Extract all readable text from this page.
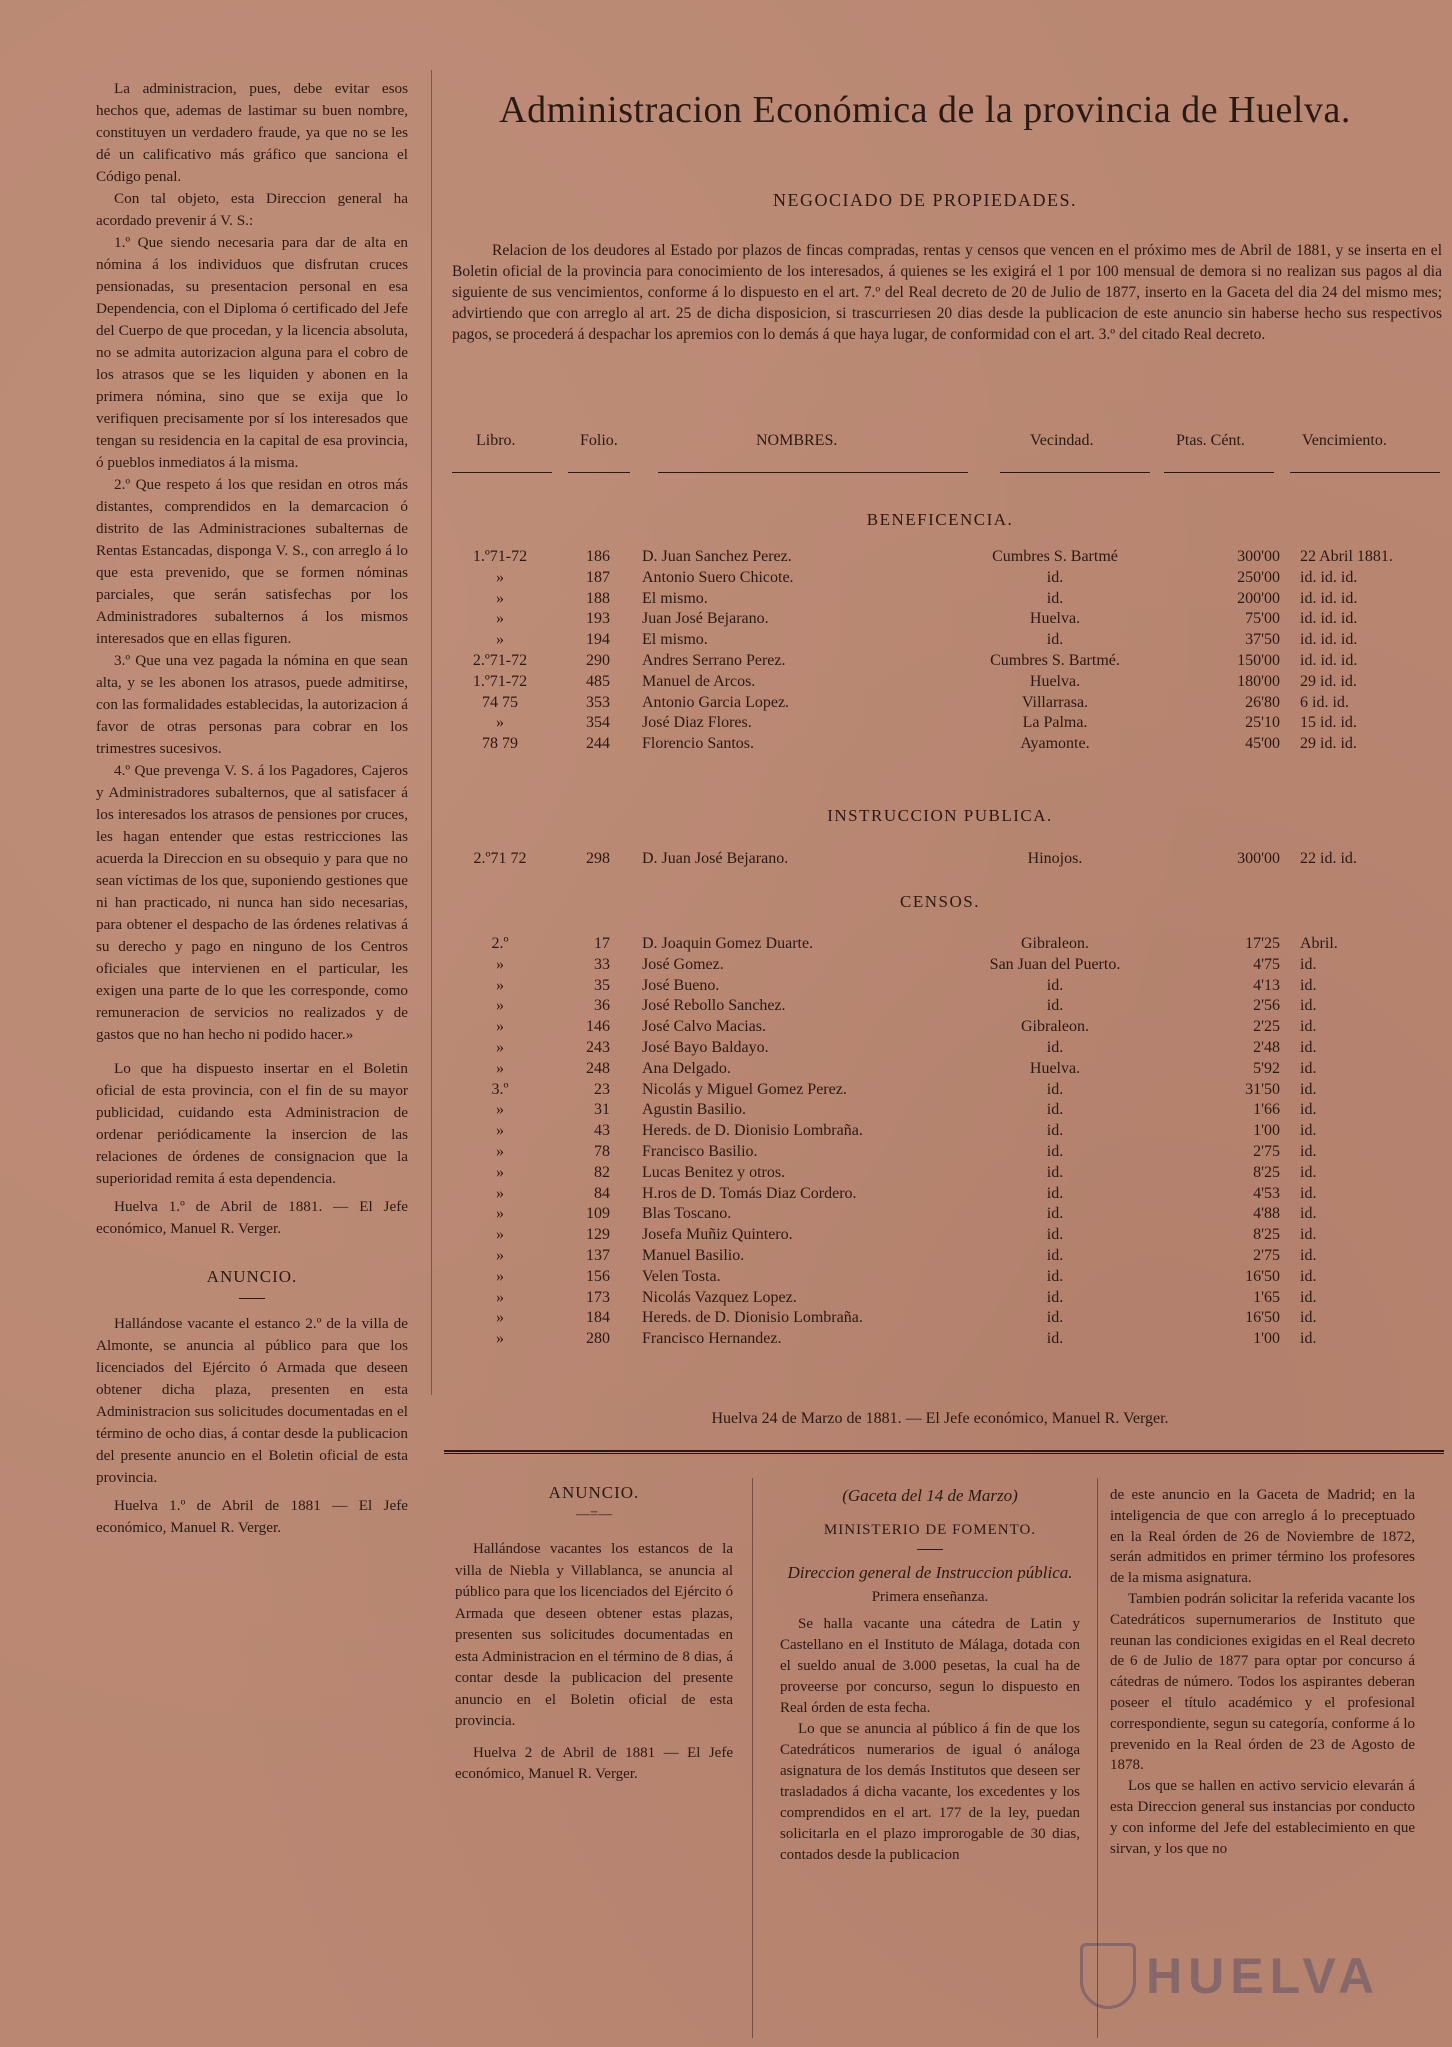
La administracion, pues, debe evitar esos hechos que, ademas de lastimar su buen nombre, constituyen un verdadero fraude, ya que no se les dé un calificativo más gráfico que sanciona el Código penal.

Con tal objeto, esta Direccion general ha acordado prevenir á V. S.:

1.º Que siendo necesaria para dar de alta en nómina á los individuos que disfrutan cruces pensionadas, su presentacion personal en esa Dependencia, con el Diploma ó certificado del Jefe del Cuerpo de que procedan, y la licencia absoluta, no se admita autorizacion alguna para el cobro de los atrasos que se les liquiden y abonen en la primera nómina, sino que se exija que lo verifiquen precisamente por sí los interesados que tengan su residencia en la capital de esa provincia, ó pueblos inmediatos á la misma.

2.º Que respeto á los que residan en otros más distantes, comprendidos en la demarcacion ó distrito de las Administraciones subalternas de Rentas Estancadas, disponga V. S., con arreglo á lo que esta prevenido, que se formen nóminas parciales, que serán satisfechas por los Administradores subalternos á los mismos interesados que en ellas figuren.

3.º Que una vez pagada la nómina en que sean alta, y se les abonen los atrasos, puede admitirse, con las formalidades establecidas, la autorizacion á favor de otras personas para cobrar en los trimestres sucesivos.

4.º Que prevenga V. S. á los Pagadores, Cajeros y Administradores subalternos, que al satisfacer á los interesados los atrasos de pensiones por cruces, les hagan entender que estas restricciones las acuerda la Direccion en su obsequio y para que no sean víctimas de los que, suponiendo gestiones que ni han practicado, ni nunca han sido necesarias, para obtener el despacho de las órdenes relativas á su derecho y pago en ninguno de los Centros oficiales que intervienen en el particular, les exigen una parte de lo que les corresponde, como remuneracion de servicios no realizados y de gastos que no han hecho ni podido hacer.»

Lo que ha dispuesto insertar en el Boletin oficial de esta provincia, con el fin de su mayor publicidad, cuidando esta Administracion de ordenar periódicamente la insercion de las relaciones de órdenes de consignacion que la superioridad remita á esta dependencia.

Huelva 1.º de Abril de 1881. — El Jefe económico, Manuel R. Verger.

ANUNCIO.

Hallándose vacante el estanco 2.º de la villa de Almonte, se anuncia al público para que los licenciados del Ejército ó Armada que deseen obtener dicha plaza, presenten en esta Administracion sus solicitudes documentadas en el término de ocho dias, á contar desde la publicacion del presente anuncio en el Boletin oficial de esta provincia.

Huelva 1.º de Abril de 1881 — El Jefe económico, Manuel R. Verger.

Administracion Económica de la provincia de Huelva.
NEGOCIADO DE PROPIEDADES.

Relacion de los deudores al Estado por plazos de fincas compradas, rentas y censos que vencen en el próximo mes de Abril de 1881, y se inserta en el Boletin oficial de la provincia para conocimiento de los interesados, á quienes se les exigirá el 1 por 100 mensual de demora si no realizan sus pagos al dia siguiente de sus vencimientos, conforme á lo dispuesto en el art. 7.º del Real decreto de 20 de Julio de 1877, inserto en la Gaceta del dia 24 del mismo mes; advirtiendo que con arreglo al art. 25 de dicha disposicion, si trascurriesen 20 dias desde la publicacion de este anuncio sin haberse hecho sus respectivos pagos, se procederá á despachar los apremios con lo demás á que haya lugar, de conformidad con el art. 3.º del citado Real decreto.

Libro.	Folio.	NOMBRES.	Vecindad.	Ptas. Cént.	Vencimiento.
BENEFICENCIA.
1.º71-72	186 D. Juan Sanchez Perez.	Cumbres S. Bartmé	300'00 22 Abril 1881.
»	187 Antonio Suero Chicote.	id.	250'00 id. id. id.
»	188 El mismo.	id.	200'00 id. id. id.
»	193 Juan José Bejarano.	Huelva.	75'00 id. id. id.
»	194 El mismo.	id.	37'50 id. id. id.
2.º71-72	290 Andres Serrano Perez.	Cumbres S. Bartmé.	150'00 id. id. id.
1.º71-72	485 Manuel de Arcos.	Huelva.	180'00 29 id. id.
74 75	353 Antonio Garcia Lopez.	Villarrasa.	26'80 6 id. id.
»	354 José Diaz Flores.	La Palma.	25'10 15 id. id.
78 79	244 Florencio Santos.	Ayamonte.	45'00 29 id. id.
INSTRUCCION PUBLICA.
2.º71 72	298 D. Juan José Bejarano.	Hinojos.	300'00 22 id. id.
CENSOS.
2.º	17 D. Joaquin Gomez Duarte.	Gibraleon.	17'25 Abril.
»	33 José Gomez.	San Juan del Puerto.	4'75 id.
»	35 José Bueno.	id.	4'13 id.
»	36 José Rebollo Sanchez.	id.	2'56 id.
»	146 José Calvo Macias.	Gibraleon.	2'25 id.
»	243 José Bayo Baldayo.	id.	2'48 id.
»	248 Ana Delgado.	Huelva.	5'92 id.
3.º	23 Nicolás y Miguel Gomez Perez.	id.	31'50 id.
»	31 Agustin Basilio.	id.	1'66 id.
»	43 Hereds. de D. Dionisio Lombraña.	id.	1'00 id.
»	78 Francisco Basilio.	id.	2'75 id.
»	82 Lucas Benitez y otros.	id.	8'25 id.
»	84 H.ros de D. Tomás Diaz Cordero.	id.	4'53 id.
»	109 Blas Toscano.	id.	4'88 id.
»	129 Josefa Muñiz Quintero.	id.	8'25 id.
»	137 Manuel Basilio.	id.	2'75 id.
»	156 Velen Tosta.	id.	16'50 id.
»	173 Nicolás Vazquez Lopez.	id.	1'65 id.
»	184 Hereds. de D. Dionisio Lombraña.	id.	16'50 id.
»	280 Francisco Hernandez.	id.	1'00 id.
Huelva 24 de Marzo de 1881. — El Jefe económico, Manuel R. Verger.
ANUNCIO.
—=—

Hallándose vacantes los estancos de la villa de Niebla y Villablanca, se anuncia al público para que los licenciados del Ejército ó Armada que deseen obtener estas plazas, presenten sus solicitudes documentadas en esta Administracion en el término de 8 dias, á contar desde la publicacion del presente anuncio en el Boletin oficial de esta provincia.

Huelva 2 de Abril de 1881 — El Jefe económico, Manuel R. Verger.

(Gaceta del 14 de Marzo)
MINISTERIO DE FOMENTO.
Direccion general de Instruccion pública.
Primera enseñanza.

Se halla vacante una cátedra de Latin y Castellano en el Instituto de Málaga, dotada con el sueldo anual de 3.000 pesetas, la cual ha de proveerse por concurso, segun lo dispuesto en Real órden de esta fecha.

Lo que se anuncia al público á fin de que los Catedráticos numerarios de igual ó análoga asignatura de los demás Institutos que deseen ser trasladados á dicha vacante, los excedentes y los comprendidos en el art. 177 de la ley, puedan solicitarla en el plazo improrogable de 30 dias, contados desde la publicacion

de este anuncio en la Gaceta de Madrid; en la inteligencia de que con arreglo á lo preceptuado en la Real órden de 26 de Noviembre de 1872, serán admitidos en primer término los profesores de la misma asignatura.

Tambien podrán solicitar la referida vacante los Catedráticos supernumerarios de Instituto que reunan las condiciones exigidas en el Real decreto de 6 de Julio de 1877 para optar por concurso á cátedras de número. Todos los aspirantes deberan poseer el título académico y el profesional correspondiente, segun su categoría, conforme á lo prevenido en la Real órden de 23 de Agosto de 1878.

Los que se hallen en activo servicio elevarán á esta Direccion general sus instancias por conducto y con informe del Jefe del establecimiento en que sirvan, y los que no

HUELVA
